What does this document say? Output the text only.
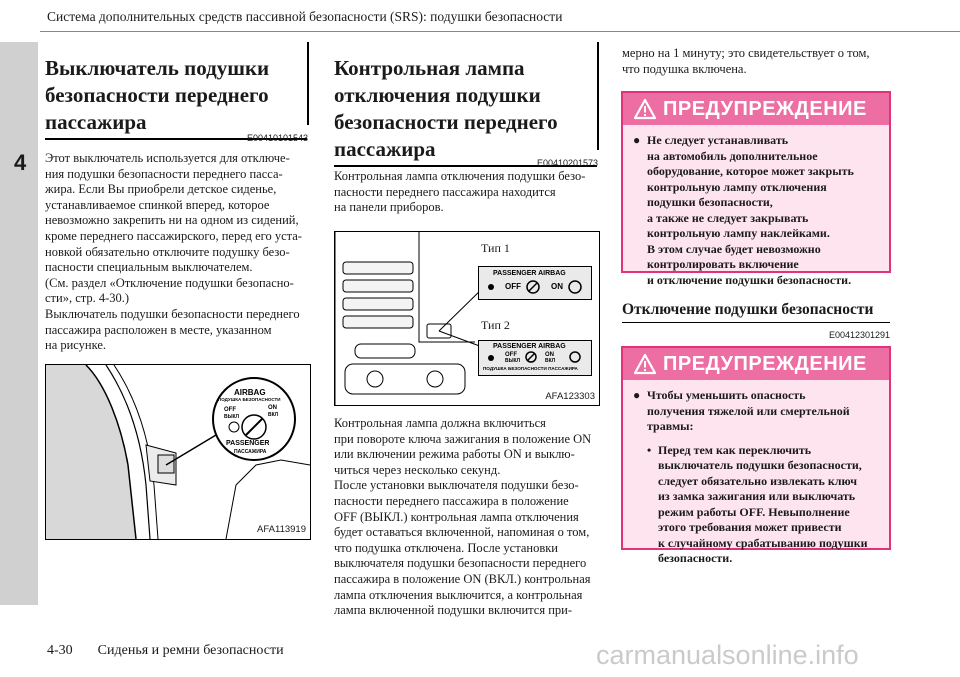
Система дополнительных средств пассивной безопасности (SRS): подушки безопасности
4
Выключатель подушки безопасности переднего пассажира
E00410101543
Этот выключатель используется для отключе-
ния подушки безопасности переднего пасса-
жира. Если Вы приобрели детское сиденье,
устанавливаемое спинкой вперед, которое
невозможно закрепить ни на одном из сидений,
кроме переднего пассажирского, перед его уста-
новкой обязательно отключите подушку безо-
пасности специальным выключателем.
(См. раздел «Отключение подушки безопасно-
сти», стр. 4-30.)
Выключатель подушки безопасности переднего
пассажира расположен в месте, указанном
на рисунке.
AIRBAG
ПОДУШКА БЕЗОПАСНОСТИ
OFF
ВЫКЛ
ON
ВКЛ
PASSENGER
ПАССАЖИРА
AFA113919
Контрольная лампа отключения подушки безопасности переднего пассажира
E00410201573
Контрольная лампа отключения подушки безо-
пасности переднего пассажира находится
на панели приборов.
Тип 1
PASSENGER AIRBAG
OFF	ON
Тип 2
PASSENGER AIRBAG
OFF
ВЫКЛ
ON
ВКЛ
ПОДУШКА БЕЗОПАСНОСТИ ПАССАЖИРА
AFA123303
Контрольная лампа должна включиться
при повороте ключа зажигания в положение ON
или включении режима работы ON и выклю-
читься через несколько секунд.
После установки выключателя подушки безо-
пасности переднего пассажира в положение
OFF (ВЫКЛ.) контрольная лампа отключения
будет оставаться включенной, напоминая о том,
что подушка отключена. После установки
выключателя подушки безопасности переднего
пассажира в положение ON (ВКЛ.) контрольная
лампа отключения выключится, а контрольная
лампа включенной подушки включится при-
мерно на 1 минуту; это свидетельствует о том,
что подушка включена.
ПРЕДУПРЕЖДЕНИЕ
● Не следует устанавливать
на автомобиль дополнительное
оборудование, которое может закрыть
контрольную лампу отключения
подушки безопасности,
а также не следует закрывать
контрольную лампу наклейками.
В этом случае будет невозможно
контролировать включение
и отключение подушки безопасности.
Отключение подушки безопасности
E00412301291
ПРЕДУПРЕЖДЕНИЕ
● Чтобы уменьшить опасность
получения тяжелой или смертельной
травмы:
• Перед тем как переключить
выключатель подушки безопасности,
следует обязательно извлекать ключ
из замка зажигания или выключать
режим работы OFF. Невыполнение
этого требования может привести
к случайному срабатыванию подушки
безопасности.
4-30 Сиденья и ремни безопасности	carmanualsonline.info
